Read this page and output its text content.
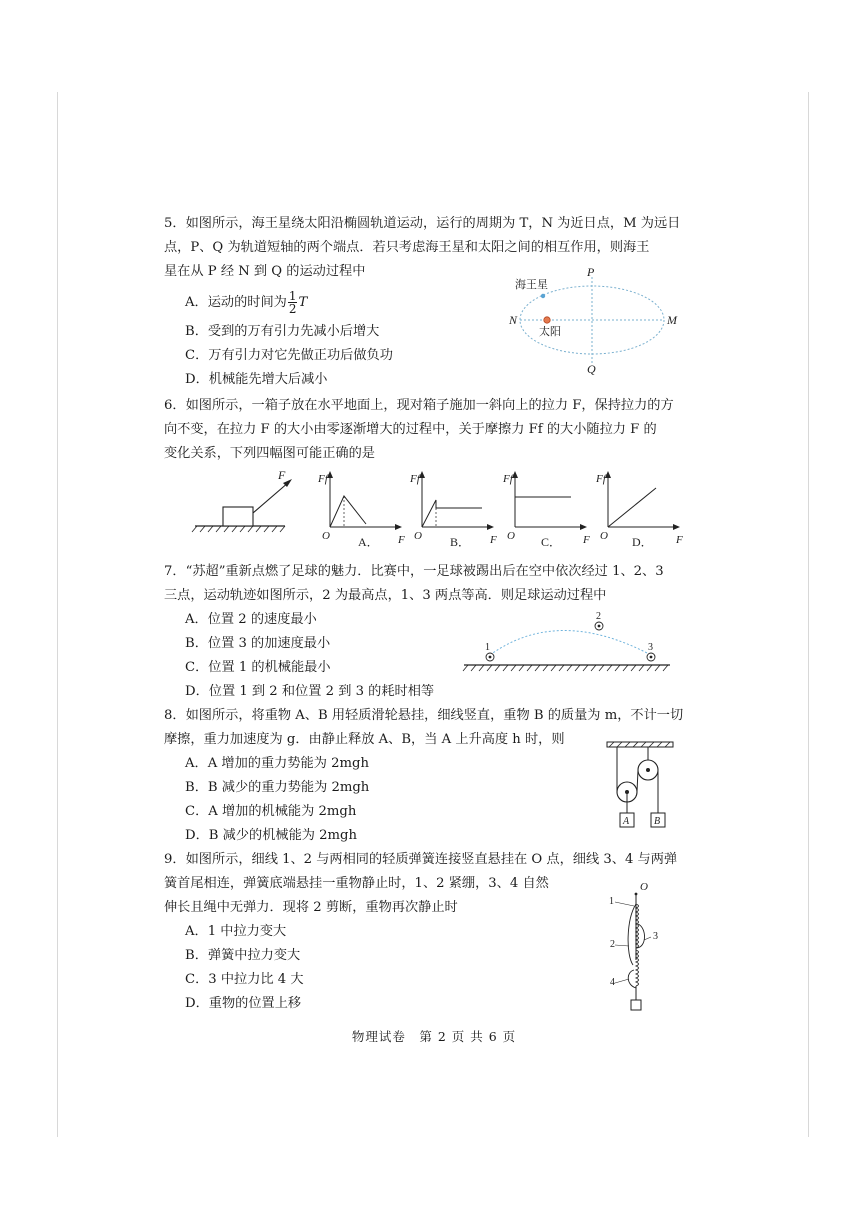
5．如图所示，海王星绕太阳沿椭圆轨道运动，运行的周期为 T，N 为近日点，M 为远日
点，P、Q 为轨道短轴的两个端点．若只考虑海王星和太阳之间的相互作用，则海王
星在从 P 经 N 到 Q 的运动过程中
A．运动的时间为 $\frac{1}{2}$ T
B．受到的万有引力先减小后增大
C．万有引力对它先做正功后做负功
D．机械能先增大后减小
海王星
太阳
P
Q
N	M
6．如图所示，一箱子放在水平地面上，现对箱子施加一斜向上的拉力 F，保持拉力的方
向不变，在拉力 F 的大小由零逐渐增大的过程中，关于摩擦力 Ff 的大小随拉力 F 的
变化关系，下列四幅图可能正确的是
F	Ff
F
O A．
Ff
F
O B．
Ff
F
O C．
Ff
F
O D．
7．“苏超”重新点燃了足球的魅力．比赛中，一足球被踢出后在空中依次经过 1、2、3
三点，运动轨迹如图所示，2 为最高点，1、3 两点等高．则足球运动过程中
A．位置 2 的速度最小
B．位置 3 的加速度最小
C．位置 1 的机械能最小
D．位置 1 到 2 和位置 2 到 3 的耗时相等
1
2
3
8．如图所示，将重物 A、B 用轻质滑轮悬挂，细线竖直，重物 B 的质量为 m，不计一切
摩擦，重力加速度为 g．由静止释放 A、B，当 A 上升高度 h 时，则
A．A 增加的重力势能为 2mgh
B．B 减少的重力势能为 2mgh
C．A 增加的机械能为 2mgh
D．B 减少的机械能为 2mgh
A B
9．如图所示，细线 1、2 与两相同的轻质弹簧连接竖直悬挂在 O 点，细线 3、4 与两弹
簧首尾相连，弹簧底端悬挂一重物静止时，1、2 紧绷，3、4 自然
伸长且绳中无弹力．现将 2 剪断，重物再次静止时
A．1 中拉力变大
B．弹簧中拉力变大
C．3 中拉力比 4 大
D．重物的位置上移
O
1
2
3
4
物理试卷　第 2 页 共 6 页
